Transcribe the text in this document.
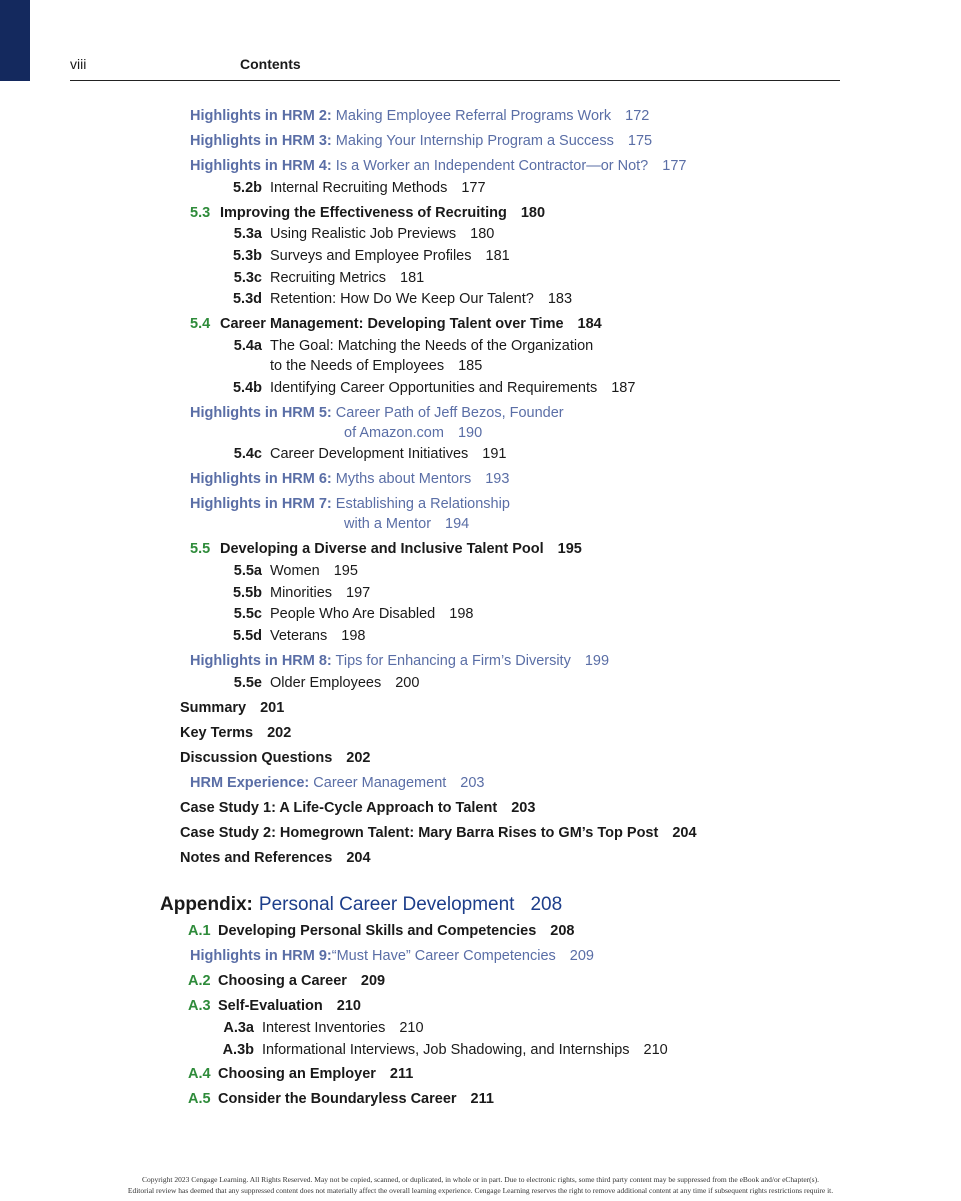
viii	Contents
Highlights in HRM 2: Making Employee Referral Programs Work 172
Highlights in HRM 3: Making Your Internship Program a Success 175
Highlights in HRM 4: Is a Worker an Independent Contractor—or Not? 177
5.2b Internal Recruiting Methods 177
5.3 Improving the Effectiveness of Recruiting 180
5.3a Using Realistic Job Previews 180
5.3b Surveys and Employee Profiles 181
5.3c Recruiting Metrics 181
5.3d Retention: How Do We Keep Our Talent? 183
5.4 Career Management: Developing Talent over Time 184
5.4a The Goal: Matching the Needs of the Organization
to the Needs of Employees 185
5.4b Identifying Career Opportunities and Requirements 187
Highlights in HRM 5: Career Path of Jeff Bezos, Founder
of Amazon.com 190
5.4c Career Development Initiatives 191
Highlights in HRM 6: Myths about Mentors 193
Highlights in HRM 7: Establishing a Relationship
with a Mentor 194
5.5 Developing a Diverse and Inclusive Talent Pool 195
5.5a Women 195
5.5b Minorities 197
5.5c People Who Are Disabled 198
5.5d Veterans 198
Highlights in HRM 8: Tips for Enhancing a Firm’s Diversity 199
5.5e Older Employees 200
Summary 201
Key Terms 202
Discussion Questions 202
HRM Experience: Career Management 203
Case Study 1: A Life-Cycle Approach to Talent 203
Case Study 2: Homegrown Talent: Mary Barra Rises to GM’s Top Post 204
Notes and References 204
Appendix: Personal Career Development 208
A.1 Developing Personal Skills and Competencies 208
Highlights in HRM 9:“Must Have” Career Competencies 209
A.2 Choosing a Career 209
A.3 Self-Evaluation 210
A.3a Interest Inventories 210
A.3b Informational Interviews, Job Shadowing, and Internships 210
A.4 Choosing an Employer 211
A.5 Consider the Boundaryless Career 211
Copyright 2023 Cengage Learning. All Rights Reserved. May not be copied, scanned, or duplicated, in whole or in part. Due to electronic rights, some third party content may be suppressed from the eBook and/or eChapter(s).
Editorial review has deemed that any suppressed content does not materially affect the overall learning experience. Cengage Learning reserves the right to remove additional content at any time if subsequent rights restrictions require it.
